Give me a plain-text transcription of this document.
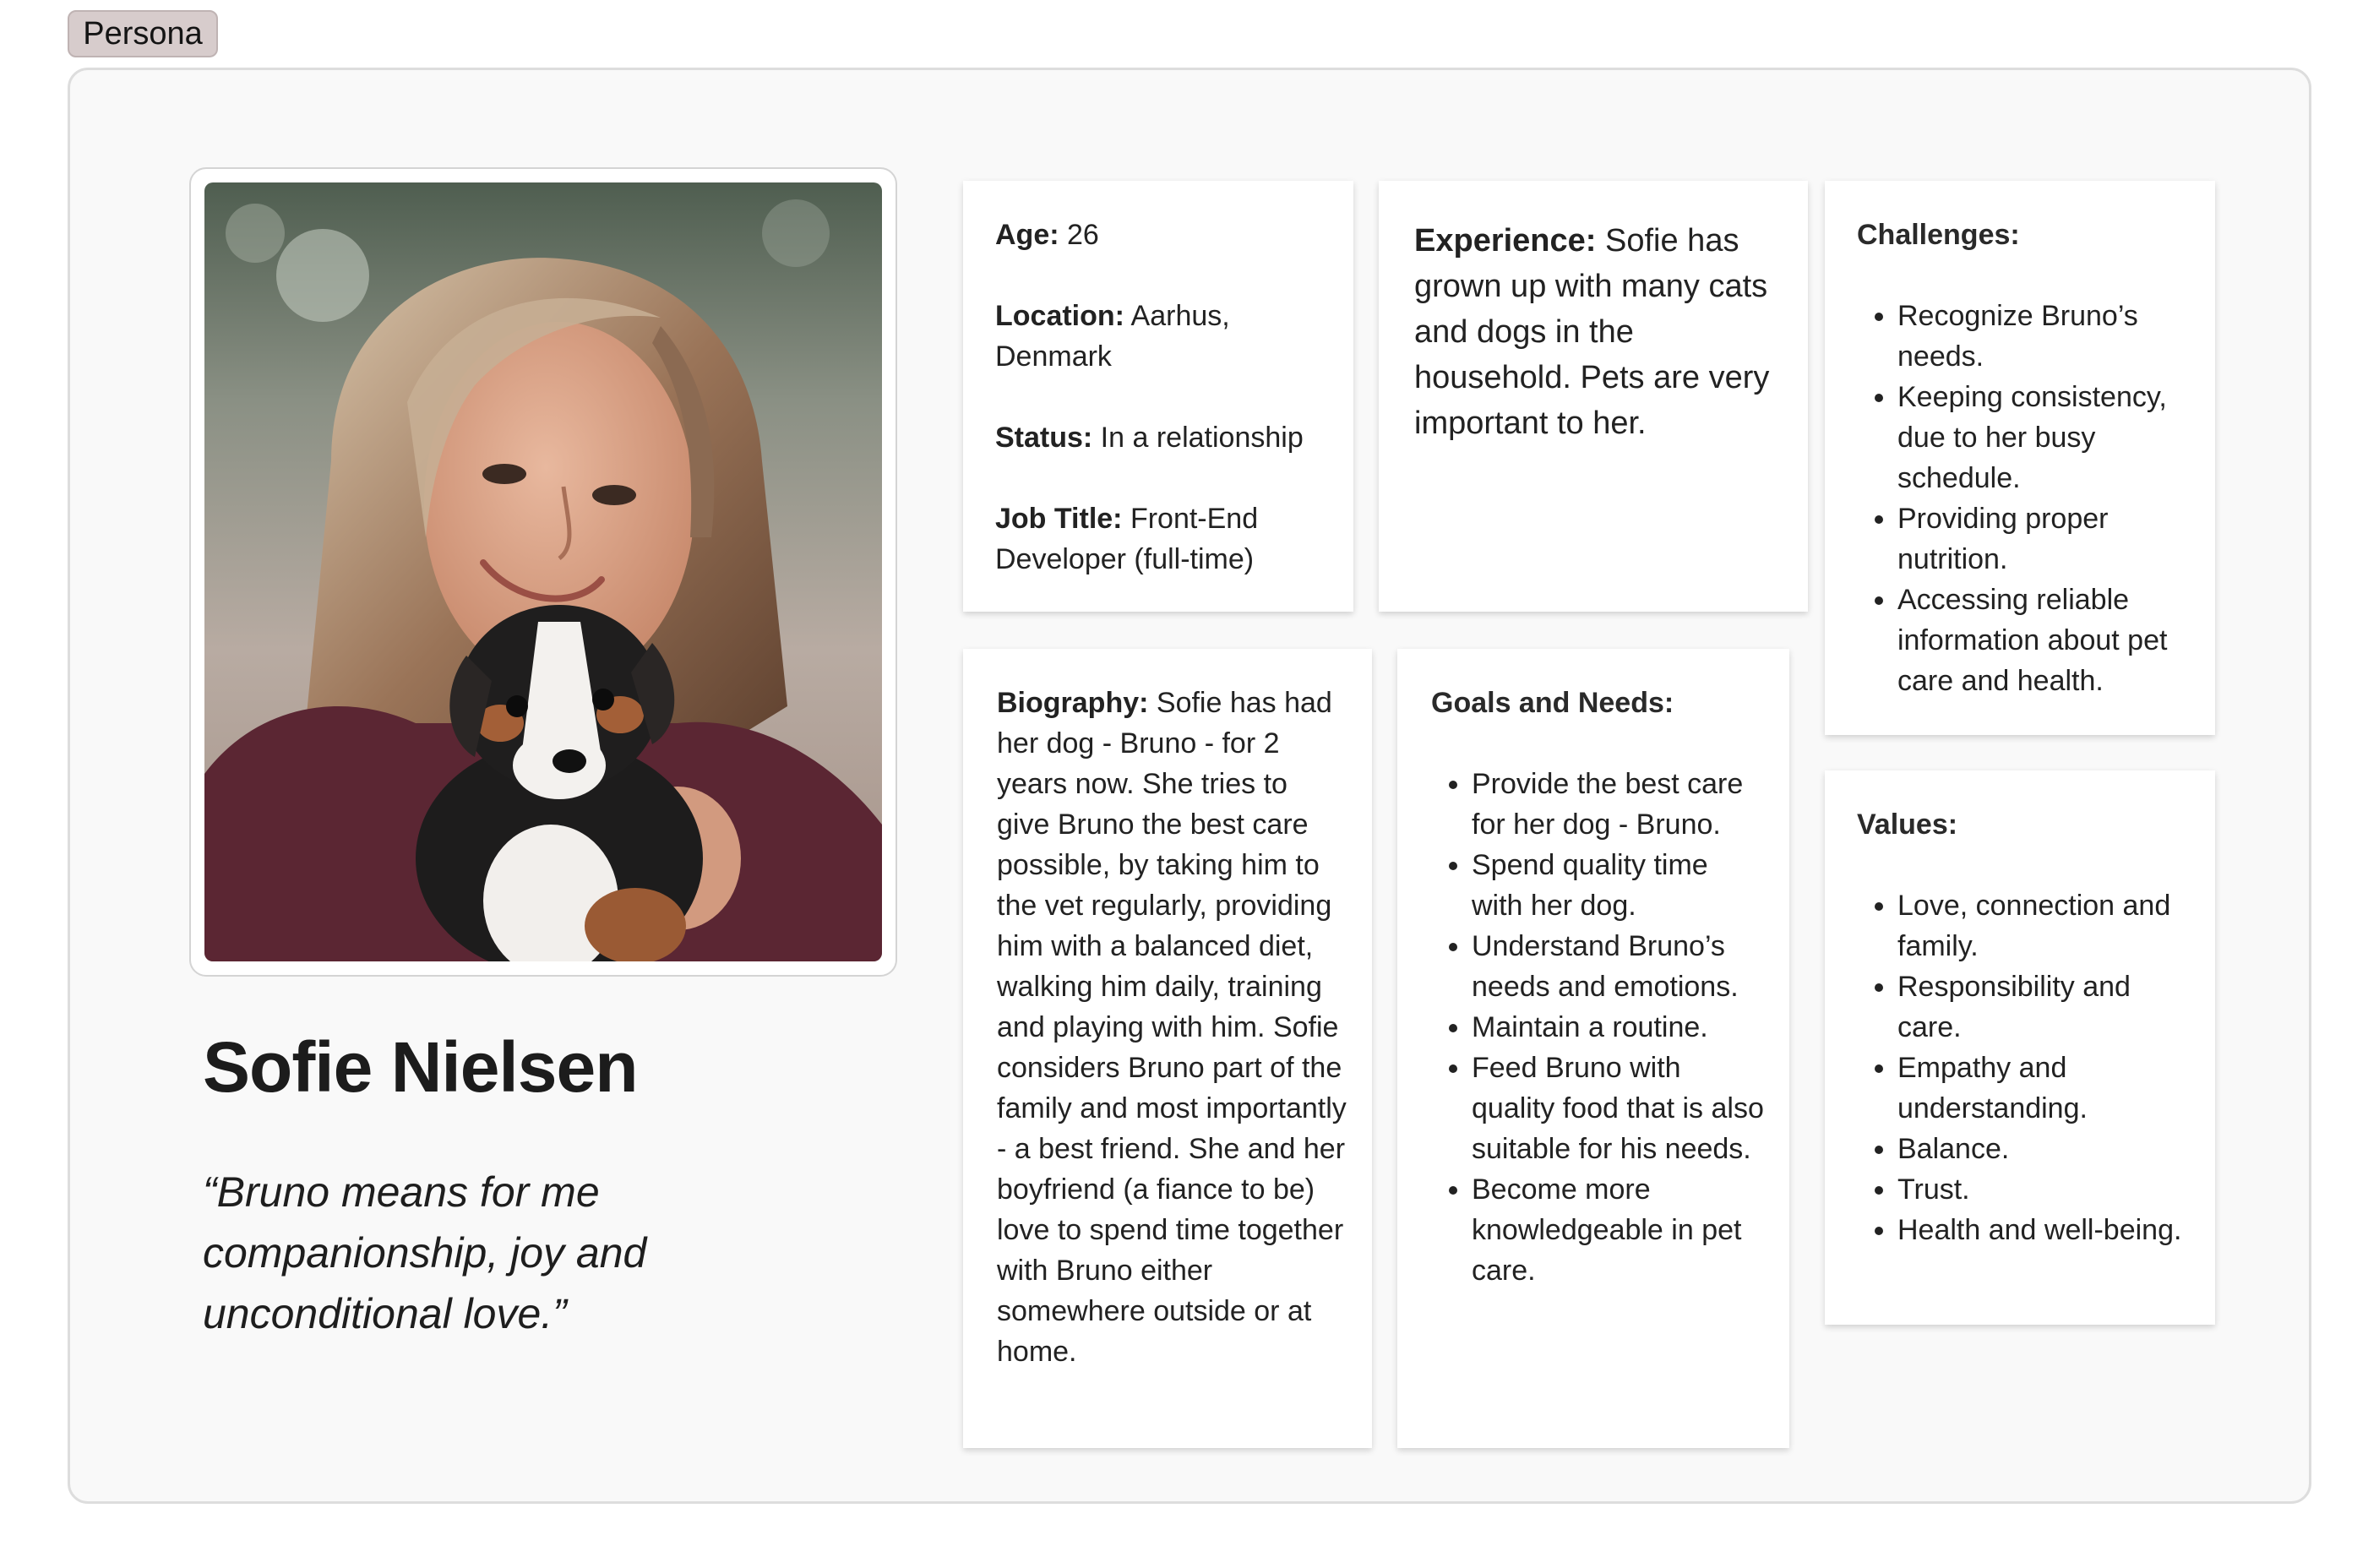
Persona
Sofie Nielsen

“Bruno means for me companionship, joy and unconditional love.”

Age: 26

Location: Aarhus, Denmark

Status: In a relationship

Job Title: Front-End Developer (full-time)

Experience: Sofie has grown up with many cats and dogs in the household. Pets are very important to her.

Challenges:
• Recognize Bruno’s needs.
• Keeping consistency, due to her busy schedule.
• Providing proper nutrition.
• Accessing reliable information about pet care and health.

Biography: Sofie has had her dog - Bruno - for 2 years now. She tries to give Bruno the best care possible, by taking him to the vet regularly, providing him with a balanced diet, walking him daily, training and playing with him. Sofie considers Bruno part of the family and most importantly - a best friend. She and her boyfriend (a fiance to be) love to spend time together with Bruno either somewhere outside or at home.

Goals and Needs:
• Provide the best care for her dog - Bruno.
• Spend quality time with her dog.
• Understand Bruno’s needs and emotions.
• Maintain a routine.
• Feed Bruno with quality food that is also suitable for his needs.
• Become more knowledgeable in pet care.
Values:
• Love, connection and family.
• Responsibility and care.
• Empathy and understanding.
• Balance.
• Trust.
• Health and well-being.
